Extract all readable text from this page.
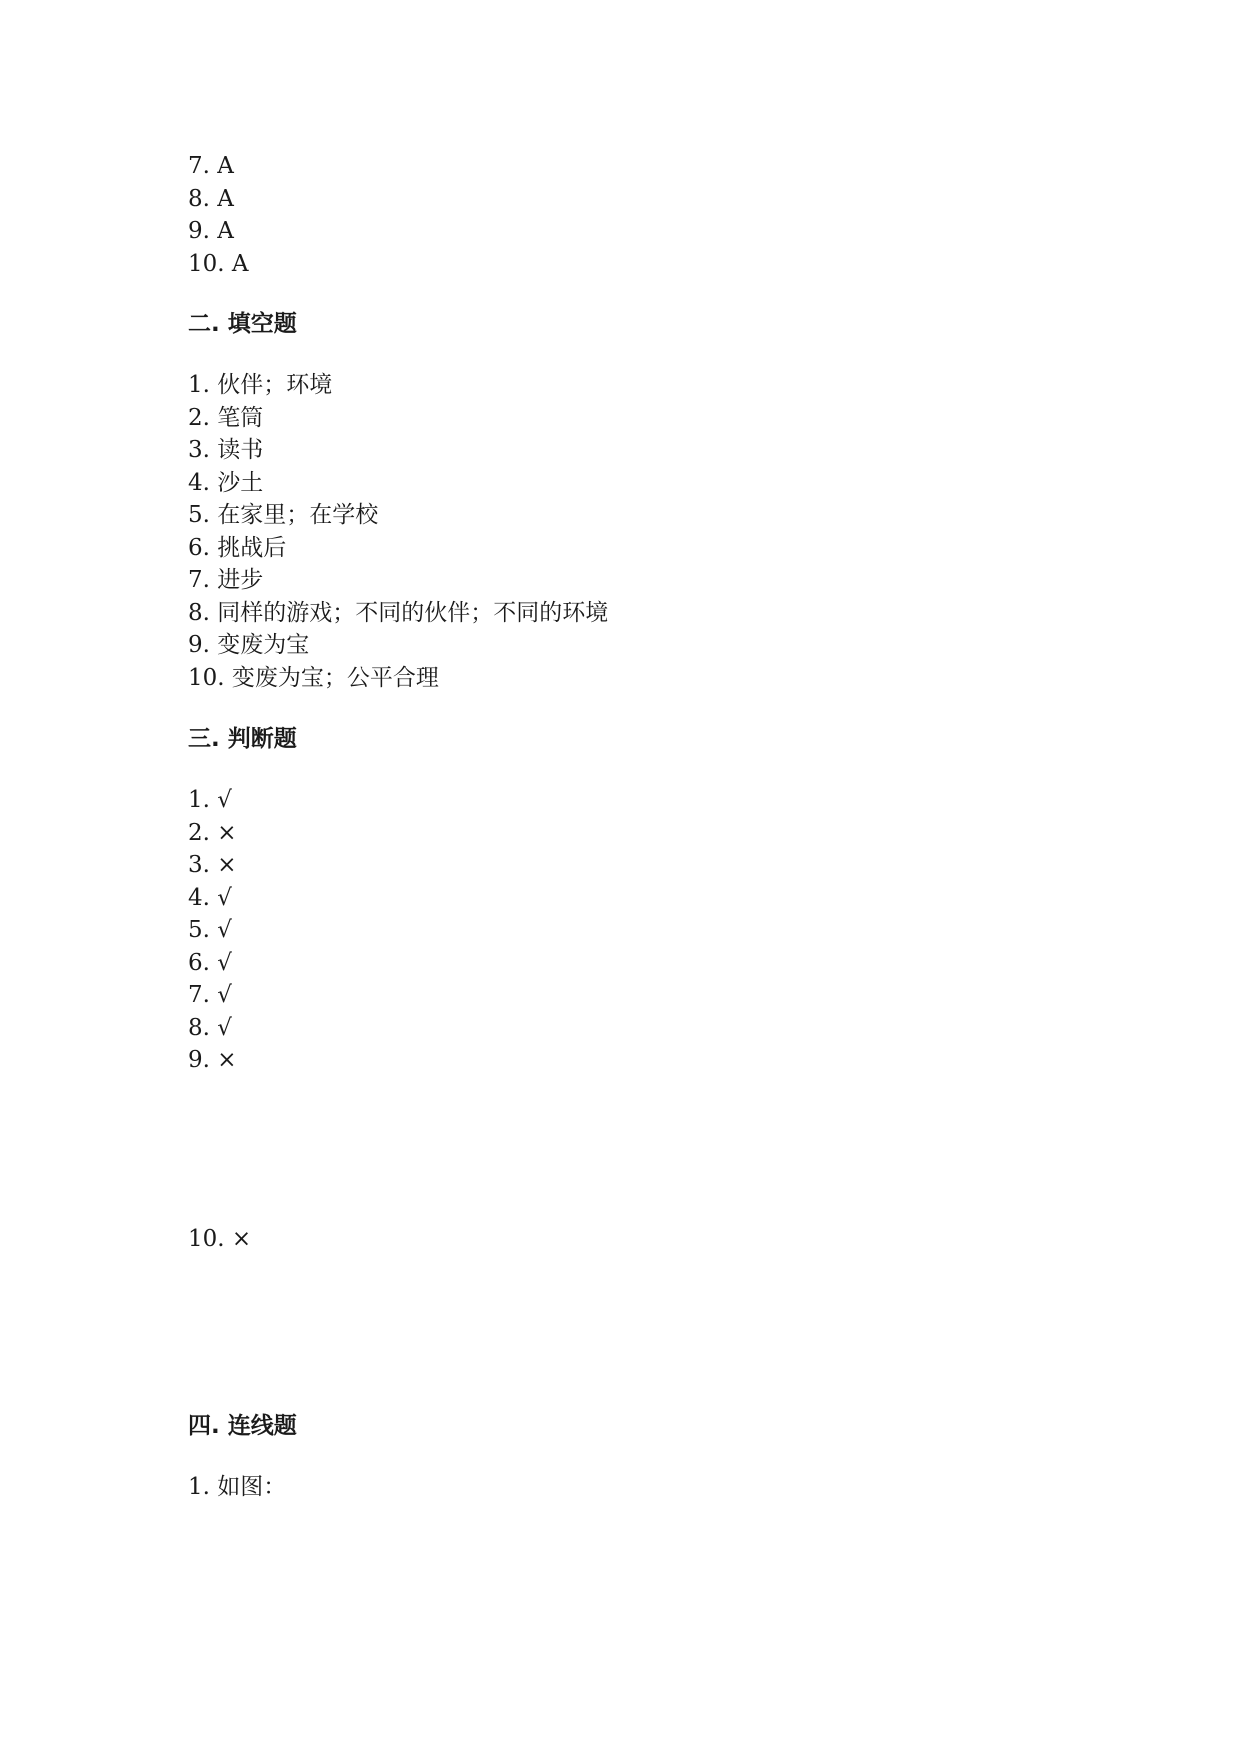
7. A
8. A
9. A
10. A
二. 填空题
1. 伙伴；环境
2. 笔筒
3. 读书
4. 沙土
5. 在家里；在学校
6. 挑战后
7. 进步
8. 同样的游戏；不同的伙伴；不同的环境
9. 变废为宝
10. 变废为宝；公平合理
三. 判断题
1. √
2. ×
3. ×
4. √
5. √
6. √
7. √
8. √
9. ×
10. ×
四. 连线题
1. 如图：
